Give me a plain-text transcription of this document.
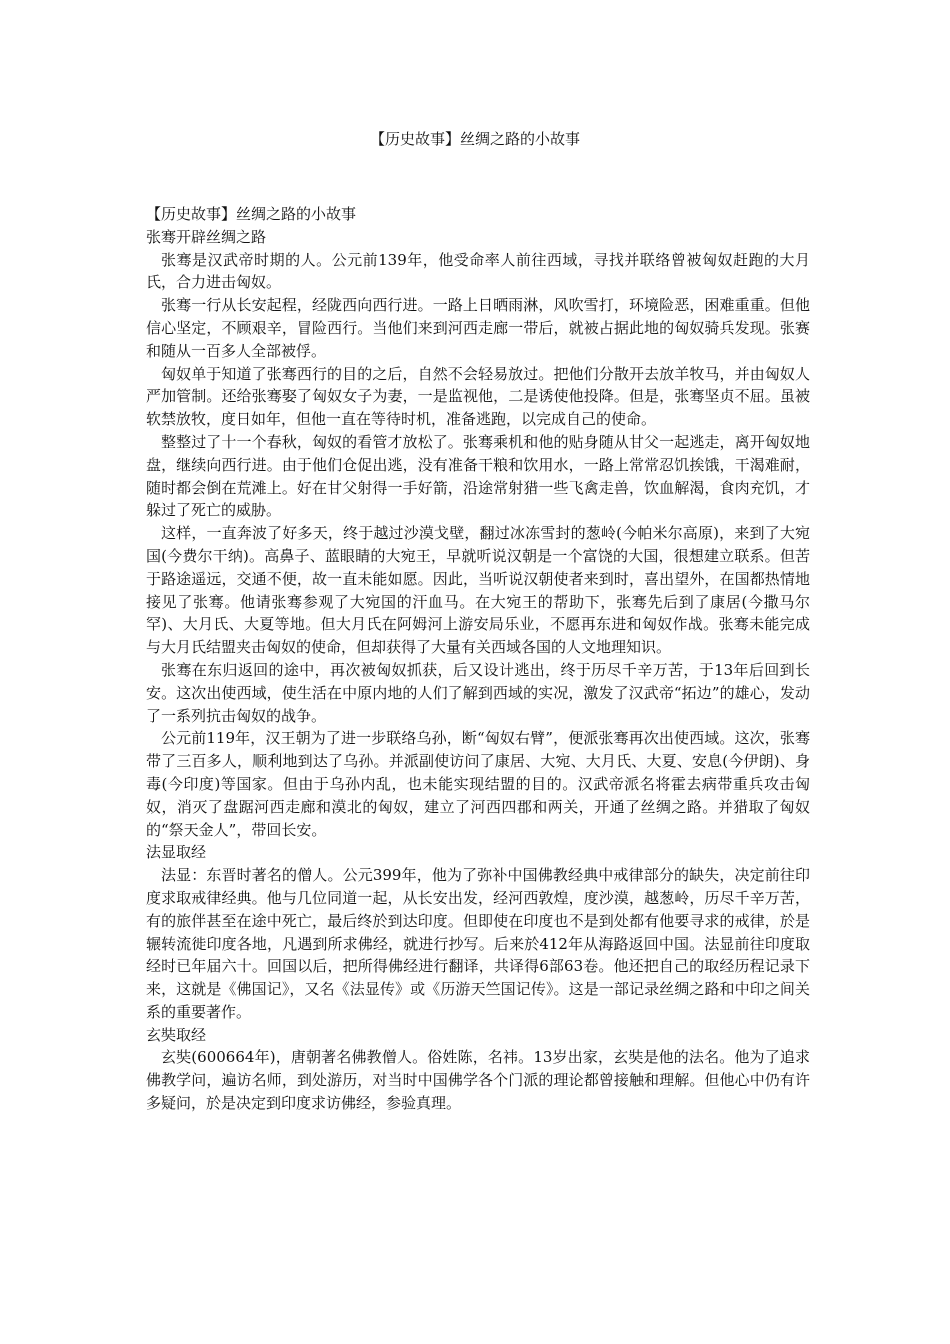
【历史故事】丝绸之路的小故事

【历史故事】丝绸之路的小故事

张骞开辟丝绸之路

张骞是汉武帝时期的人。公元前139年，他受命率人前往西域，寻找并联络曾被匈奴赶跑的大月氏，合力进击匈奴。

张骞一行从长安起程，经陇西向西行进。一路上日晒雨淋，风吹雪打，环境险恶，困难重重。但他信心坚定，不顾艰辛，冒险西行。当他们来到河西走廊一带后，就被占据此地的匈奴骑兵发现。张赛和随从一百多人全部被俘。

匈奴单于知道了张骞西行的目的之后，自然不会轻易放过。把他们分散开去放羊牧马，并由匈奴人严加管制。还给张骞娶了匈奴女子为妻，一是监视他，二是诱使他投降。但是，张骞坚贞不屈。虽被软禁放牧，度日如年，但他一直在等待时机，准备逃跑，以完成自己的使命。

整整过了十一个春秋，匈奴的看管才放松了。张骞乘机和他的贴身随从甘父一起逃走，离开匈奴地盘，继续向西行进。由于他们仓促出逃，没有准备干粮和饮用水，一路上常常忍饥挨饿，干渴难耐，随时都会倒在荒滩上。好在甘父射得一手好箭，沿途常射猎一些飞禽走兽，饮血解渴，食肉充饥，才躲过了死亡的威胁。

这样，一直奔波了好多天，终于越过沙漠戈壁，翻过冰冻雪封的葱岭(今帕米尔高原)，来到了大宛国(今费尔干纳)。高鼻子、蓝眼睛的大宛王，早就听说汉朝是一个富饶的大国，很想建立联系。但苦于路途遥远，交通不便，故一直未能如愿。因此，当听说汉朝使者来到时，喜出望外，在国都热情地接见了张骞。他请张骞参观了大宛国的汗血马。在大宛王的帮助下，张骞先后到了康居(今撒马尔罕)、大月氏、大夏等地。但大月氏在阿姆河上游安局乐业，不愿再东进和匈奴作战。张骞未能完成与大月氏结盟夹击匈奴的使命，但却获得了大量有关西域各国的人文地理知识。

张骞在东归返回的途中，再次被匈奴抓获，后又设计逃出，终于历尽千辛万苦，于13年后回到长安。这次出使西域，使生活在中原内地的人们了解到西域的实况，激发了汉武帝“拓边”的雄心，发动了一系列抗击匈奴的战争。

公元前119年，汉王朝为了进一步联络乌孙，断“匈奴右臂”，便派张骞再次出使西域。这次，张骞带了三百多人，顺利地到达了乌孙。并派副使访问了康居、大宛、大月氏、大夏、安息(今伊朗)、身毒(今印度)等国家。但由于乌孙内乱，也未能实现结盟的目的。汉武帝派名将霍去病带重兵攻击匈奴，消灭了盘踞河西走廊和漠北的匈奴，建立了河西四郡和两关，开通了丝绸之路。并猎取了匈奴的“祭天金人”，带回长安。

法显取经

法显：东晋时著名的僧人。公元399年，他为了弥补中国佛教经典中戒律部分的缺失，决定前往印度求取戒律经典。他与几位同道一起，从长安出发，经河西敦煌，度沙漠，越葱岭，历尽千辛万苦，有的旅伴甚至在途中死亡，最后终於到达印度。但即使在印度也不是到处都有他要寻求的戒律，於是辗转流徙印度各地，凡遇到所求佛经，就进行抄写。后来於412年从海路返回中国。法显前往印度取经时已年届六十。回国以后，把所得佛经进行翻译，共译得6部63卷。他还把自己的取经历程记录下来，这就是《佛国记》，又名《法显传》或《历游天竺国记传》。这是一部记录丝绸之路和中印之间关系的重要著作。

玄奘取经

玄奘(600664年)，唐朝著名佛教僧人。俗姓陈，名祎。13岁出家，玄奘是他的法名。他为了追求佛教学问，遍访名师，到处游历，对当时中国佛学各个门派的理论都曾接触和理解。但他心中仍有许多疑问，於是决定到印度求访佛经，参验真理。
